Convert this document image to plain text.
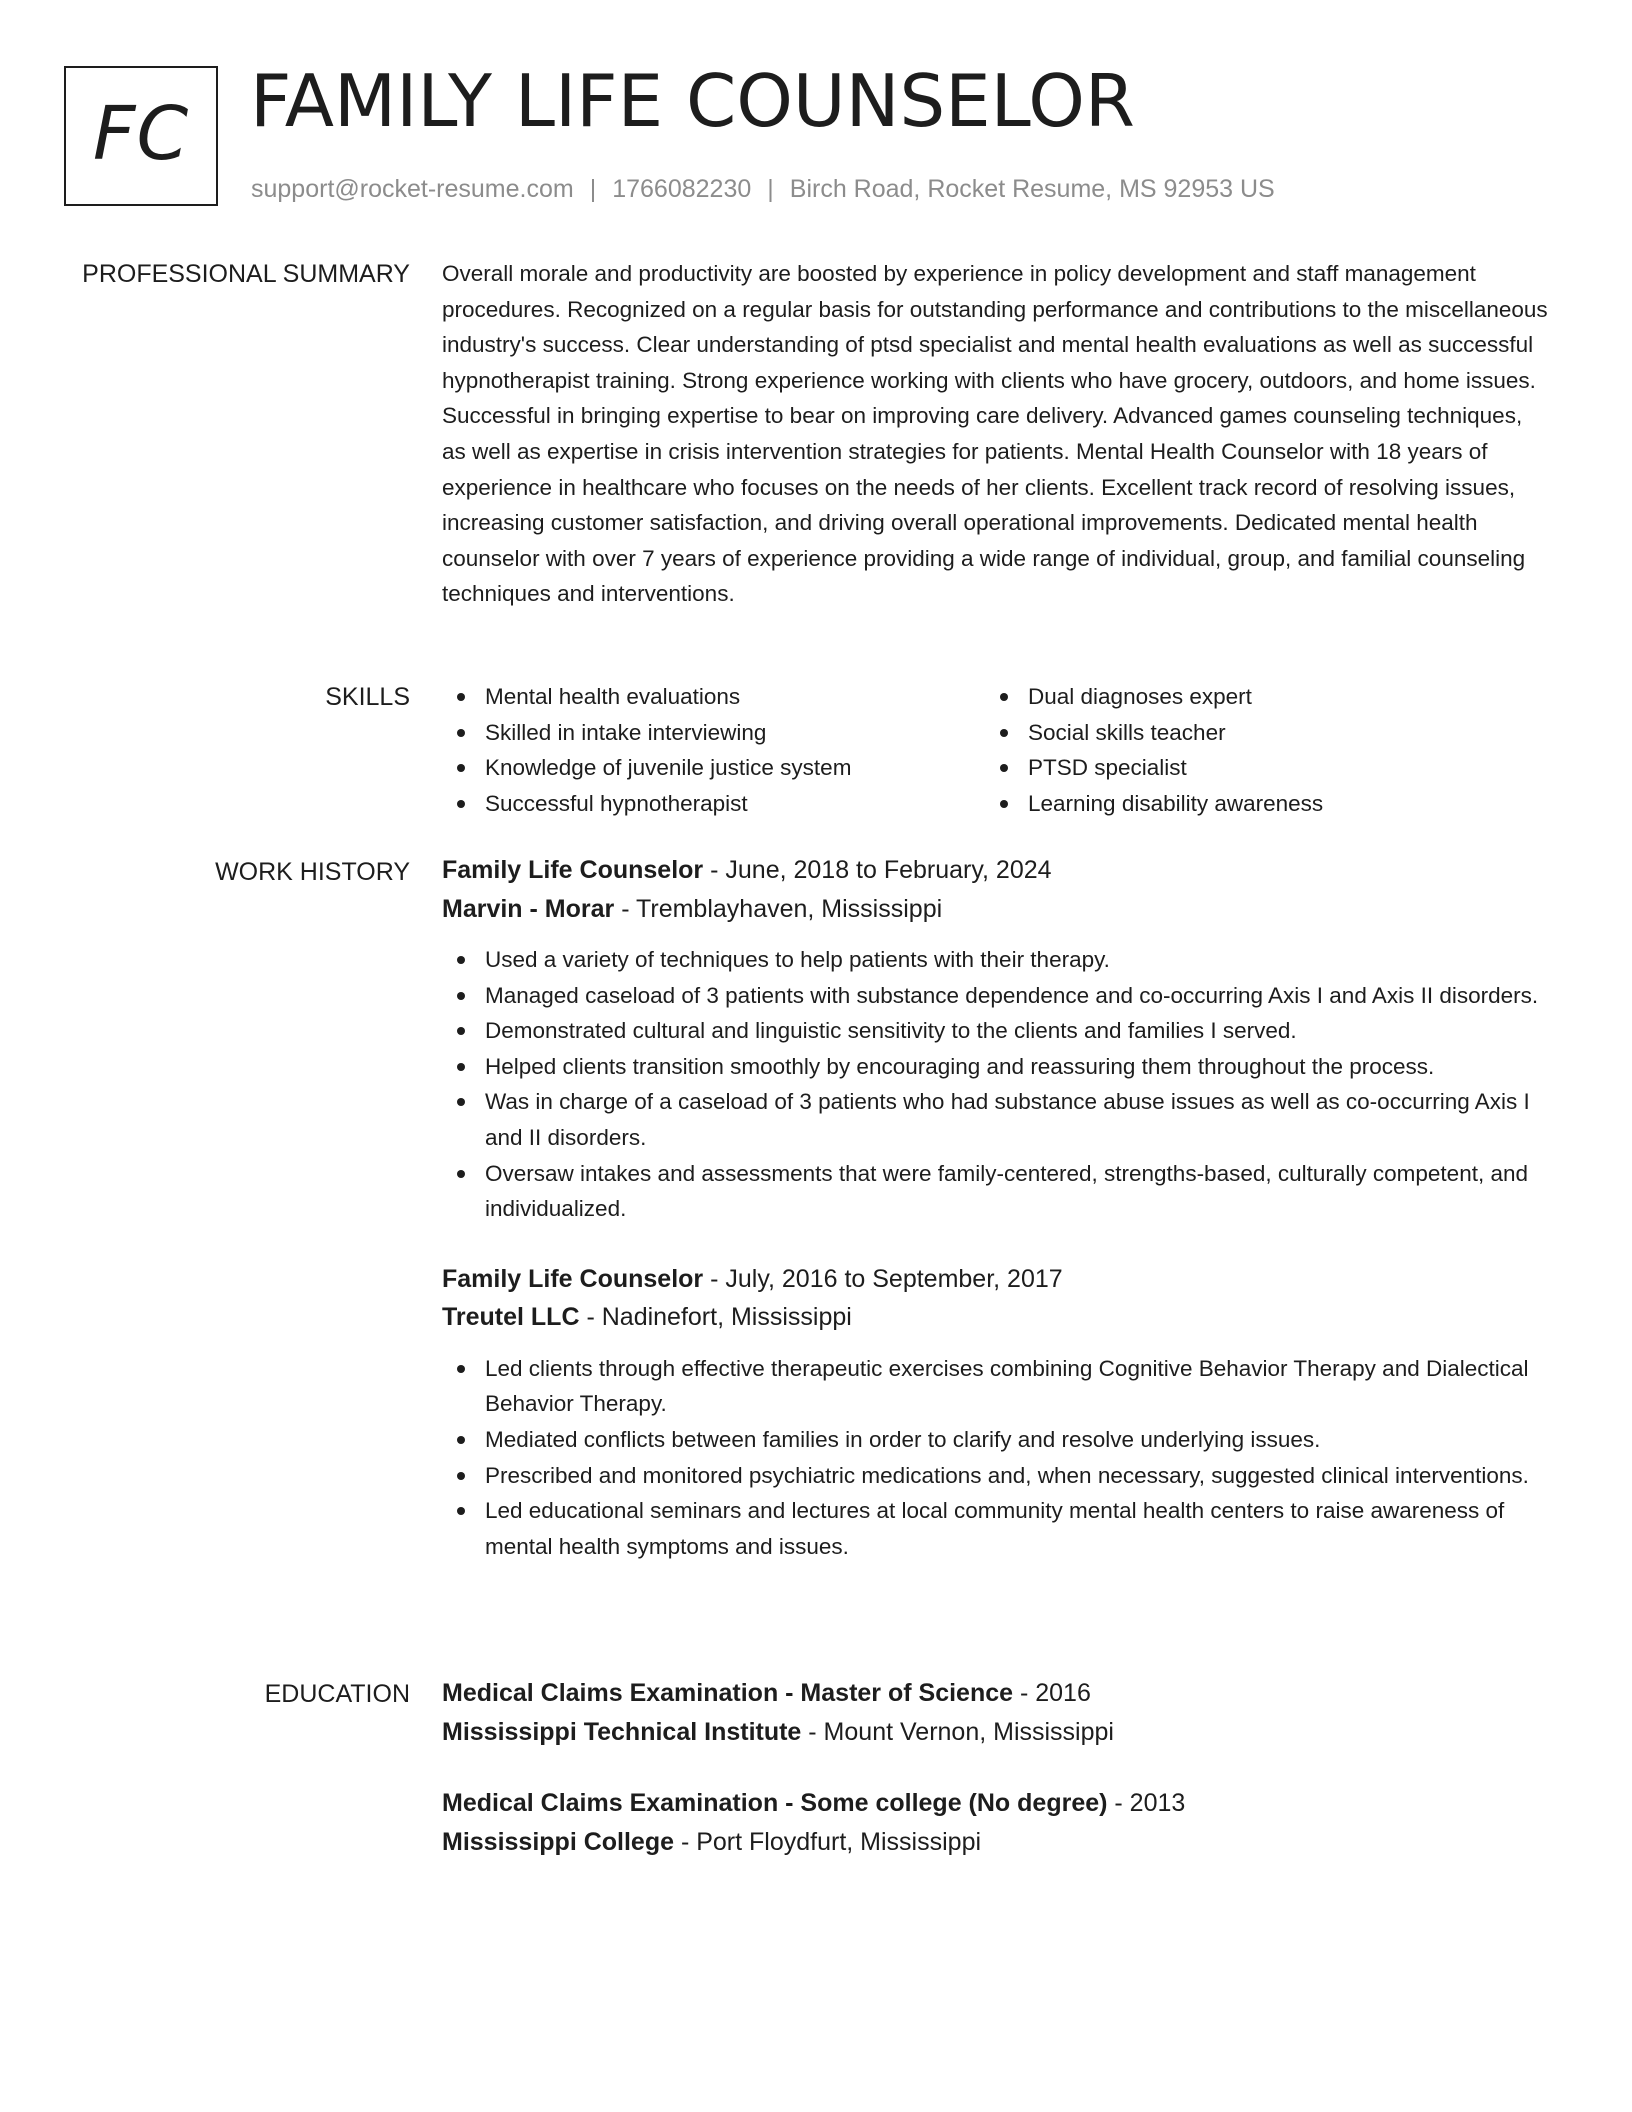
FC FAMILY LIFE COUNSELOR
support@rocket-resume.com | 1766082230 | Birch Road, Rocket Resume, MS 92953 US
PROFESSIONAL SUMMARY Overall morale and productivity are boosted by experience in policy development and staff management procedures. Recognized on a regular basis for outstanding performance and contributions to the miscellaneous industry's success. Clear understanding of ptsd specialist and mental health evaluations as well as successful hypnotherapist training. Strong experience working with clients who have grocery, outdoors, and home issues. Successful in bringing expertise to bear on improving care delivery. Advanced games counseling techniques, as well as expertise in crisis intervention strategies for patients. Mental Health Counselor with 18 years of experience in healthcare who focuses on the needs of her clients. Excellent track record of resolving issues, increasing customer satisfaction, and driving overall operational improvements. Dedicated mental health counselor with over 7 years of experience providing a wide range of individual, group, and familial counseling techniques and interventions.

SKILLS	Mental health evaluations
Skilled in intake interviewing
Knowledge of juvenile justice system
Successful hypnotherapist
Dual diagnoses expert
Social skills teacher
PTSD specialist
Learning disability awareness
WORK HISTORY Family Life Counselor - June, 2018 to February, 2024
Marvin - Morar - Tremblayhaven, Mississippi
Used a variety of techniques to help patients with their therapy.
Managed caseload of 3 patients with substance dependence and co-occurring Axis I and Axis II disorders.
Demonstrated cultural and linguistic sensitivity to the clients and families I served.
Helped clients transition smoothly by encouraging and reassuring them throughout the process.
Was in charge of a caseload of 3 patients who had substance abuse issues as well as co-occurring Axis I and II disorders.
Oversaw intakes and assessments that were family-centered, strengths-based, culturally competent, and individualized.
Family Life Counselor - July, 2016 to September, 2017
Treutel LLC - Nadinefort, Mississippi
Led clients through effective therapeutic exercises combining Cognitive Behavior Therapy and Dialectical Behavior Therapy.
Mediated conflicts between families in order to clarify and resolve underlying issues.
Prescribed and monitored psychiatric medications and, when necessary, suggested clinical interventions.
Led educational seminars and lectures at local community mental health centers to raise awareness of mental health symptoms and issues.
EDUCATION Medical Claims Examination - Master of Science - 2016
Mississippi Technical Institute - Mount Vernon, Mississippi
Medical Claims Examination - Some college (No degree) - 2013
Mississippi College - Port Floydfurt, Mississippi
